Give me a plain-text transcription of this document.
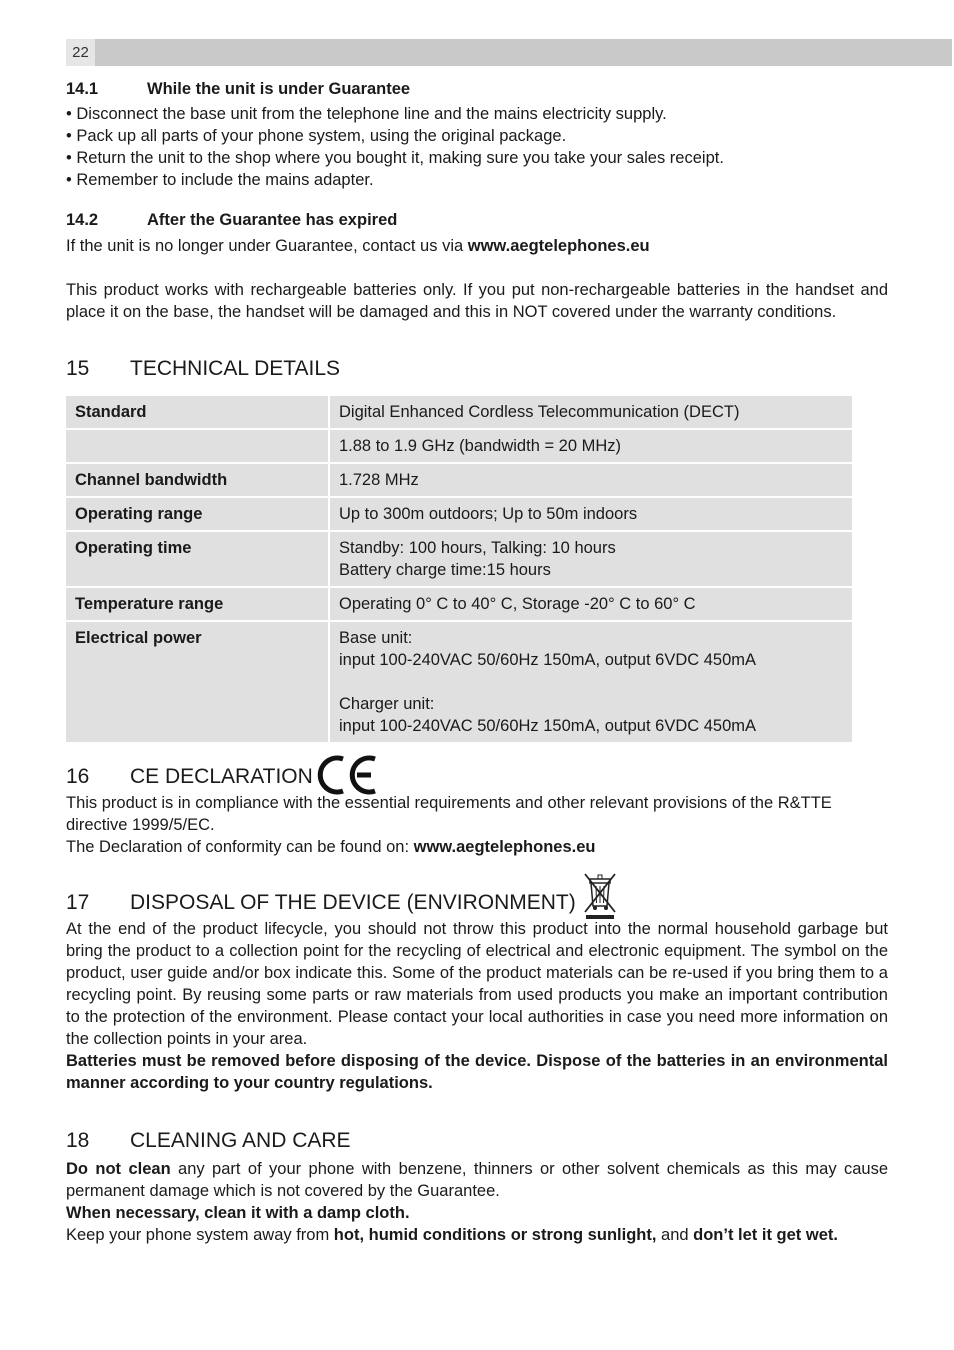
22
14.1	While the unit is under Guarantee
• Disconnect the base unit from the telephone line and the mains electricity supply.
• Pack up all parts of your phone system, using the original package.
• Return the unit to the shop where you bought it, making sure you take your sales receipt.
• Remember to include the mains adapter.
14.2	After the Guarantee has expired

If the unit is no longer under Guarantee, contact us via www.aegtelephones.eu

This product works with rechargeable batteries only. If you put non-rechargeable batteries in the handset and place it on the base, the handset will be damaged and this in NOT covered under the warranty conditions.

15	TECHNICAL DETAILS
Standard	Digital Enhanced Cordless Telecommunication (DECT)
	1.88 to 1.9 GHz (bandwidth = 20 MHz)
Channel bandwidth	1.728 MHz
Operating range	Up to 300m outdoors; Up to 50m indoors
Operating time	Standby: 100 hours, Talking: 10 hours
Battery charge time:15 hours

Temperature range	Operating 0° C to 40° C, Storage -20° C to 60° C
Electrical power	Base unit:
input 100-240VAC 50/60Hz 150mA, output 6VDC 450mA
Charger unit:
input 100-240VAC 50/60Hz 150mA, output 6VDC 450mA
16	CE DECLARATION

This product is in compliance with the essential requirements and other relevant provisions of the R&TTE directive 1999/5/EC.

The Declaration of conformity can be found on: www.aegtelephones.eu

17	DISPOSAL OF THE DEVICE (ENVIRONMENT)

At the end of the product lifecycle, you should not throw this product into the normal household garbage but bring the product to a collection point for the recycling of electrical and electronic equipment. The symbol on the product, user guide and/or box indicate this. Some of the product materials can be re-used if you bring them to a recycling point. By reusing some parts or raw materials from used products you make an important contribution to the protection of the environment. Please contact your local authorities in case you need more information on the collection points in your area.

Batteries must be removed before disposing of the device. Dispose of the batteries in an environmental manner according to your country regulations.

18	CLEANING AND CARE

Do not clean any part of your phone with benzene, thinners or other solvent chemicals as this may cause permanent damage which is not covered by the Guarantee.

When necessary, clean it with a damp cloth.

Keep your phone system away from hot, humid conditions or strong sunlight, and don’t let it get wet.
